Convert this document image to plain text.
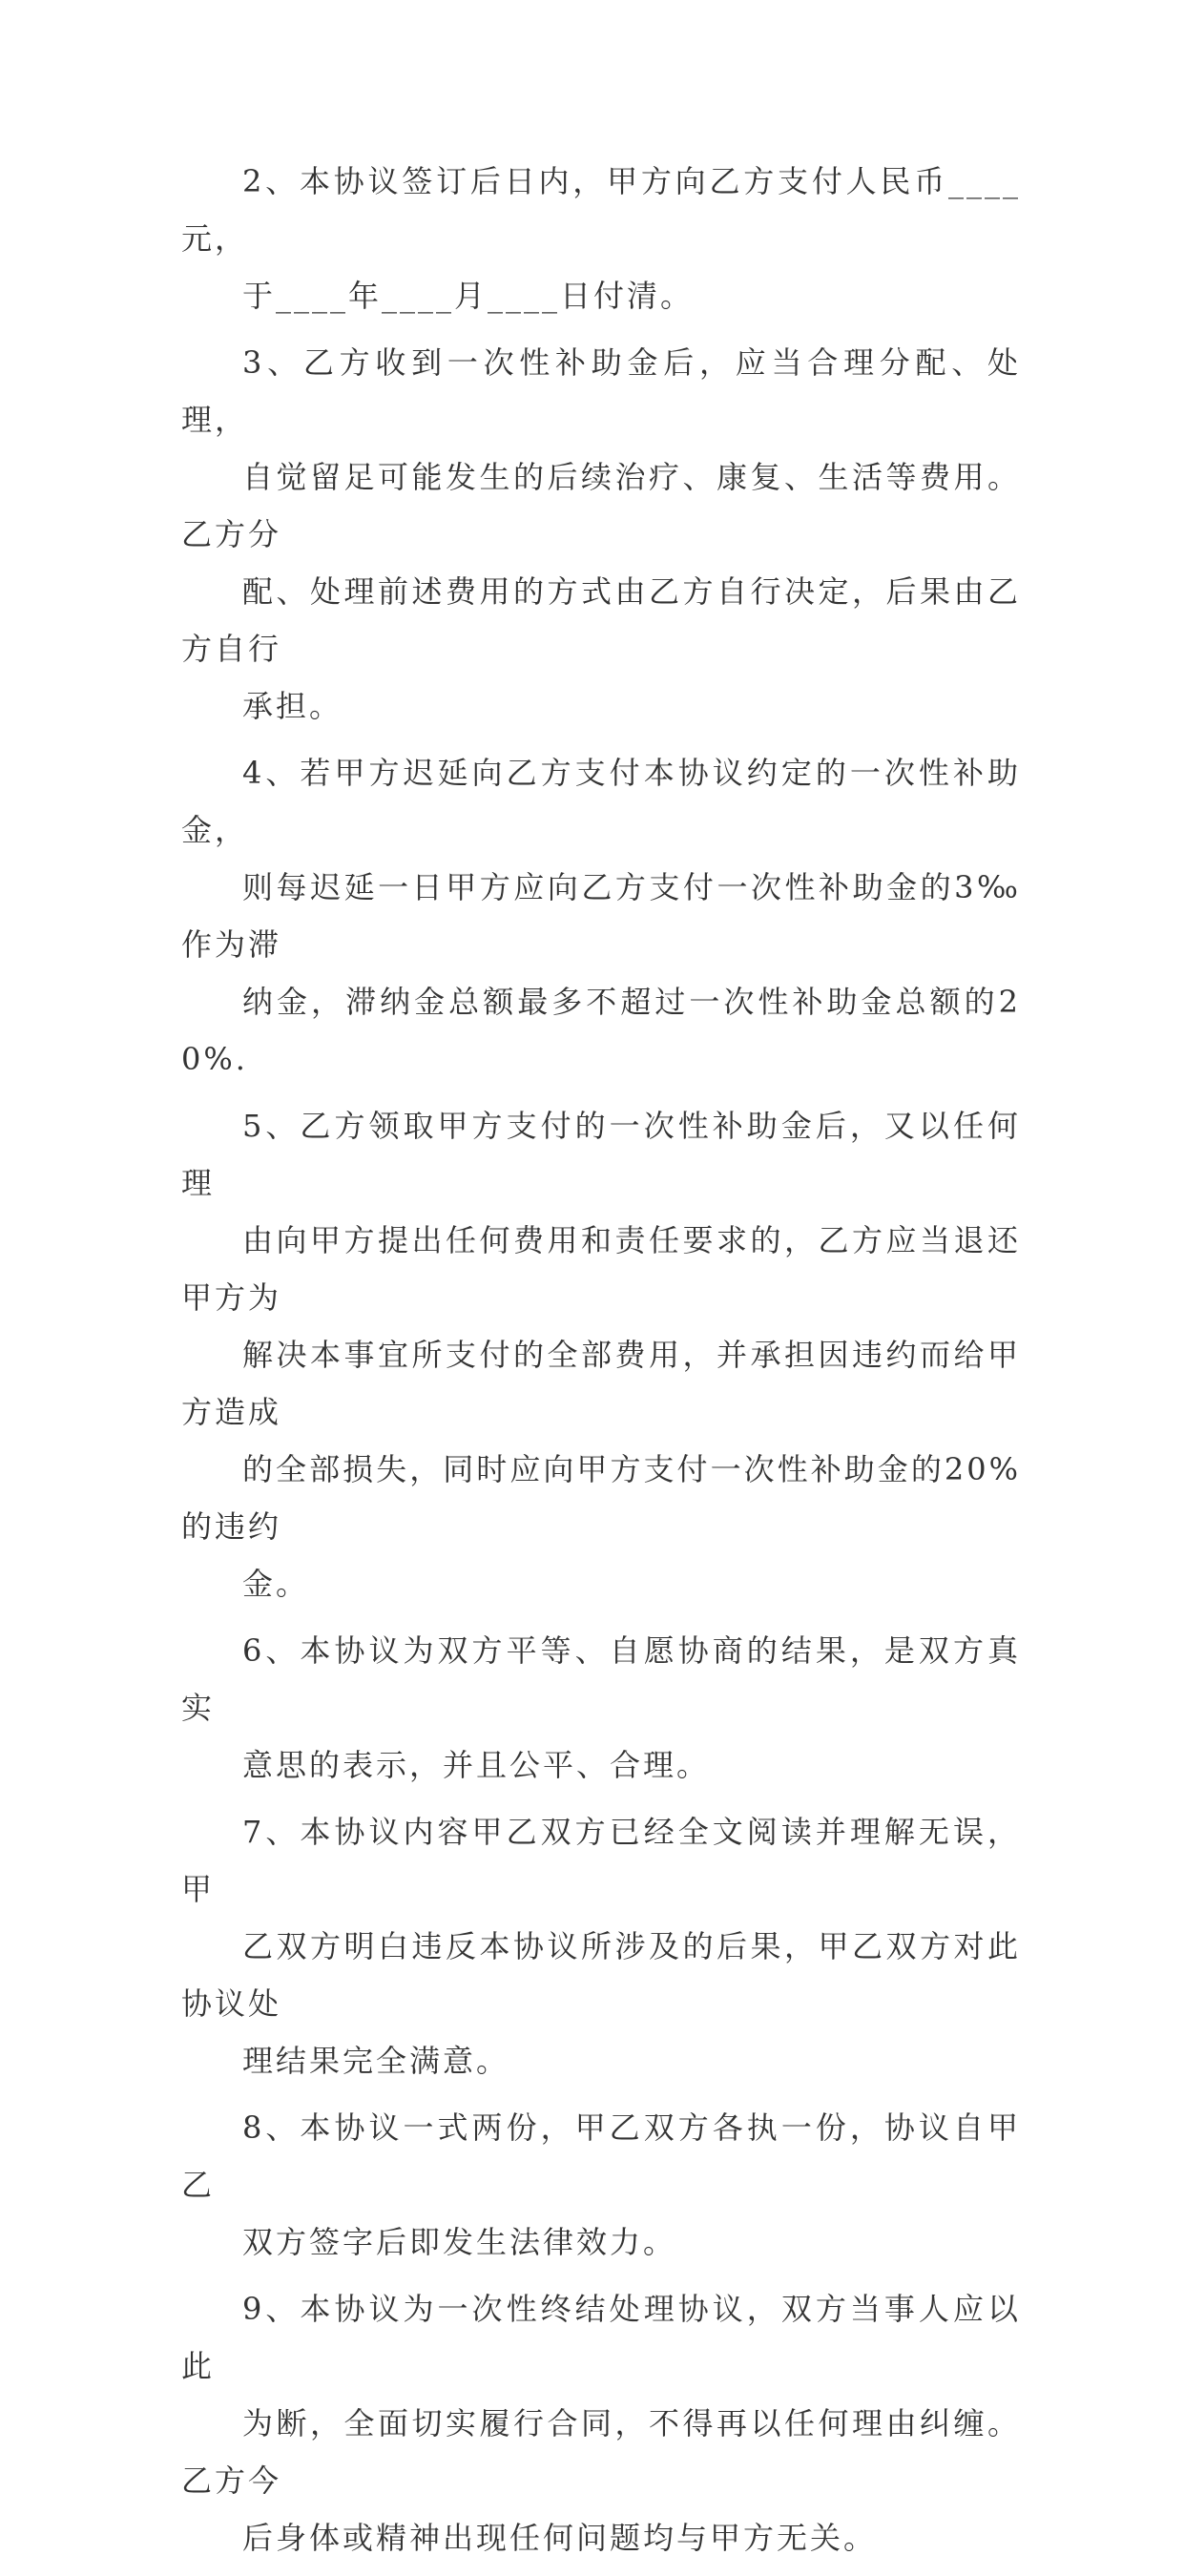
2、本协议签订后日内，甲方向乙方支付人民币____元，
于____年____月____日付清。

3、乙方收到一次性补助金后，应当合理分配、处理，
自觉留足可能发生的后续治疗、康复、生活等费用。乙方分
配、处理前述费用的方式由乙方自行决定，后果由乙方自行
承担。

4、若甲方迟延向乙方支付本协议约定的一次性补助金，
则每迟延一日甲方应向乙方支付一次性补助金的3‰作为滞
纳金，滞纳金总额最多不超过一次性补助金总额的20%.

5、乙方领取甲方支付的一次性补助金后，又以任何理
由向甲方提出任何费用和责任要求的，乙方应当退还甲方为
解决本事宜所支付的全部费用，并承担因违约而给甲方造成
的全部损失，同时应向甲方支付一次性补助金的20%的违约
金。

6、本协议为双方平等、自愿协商的结果，是双方真实
意思的表示，并且公平、合理。

7、本协议内容甲乙双方已经全文阅读并理解无误，甲
乙双方明白违反本协议所涉及的后果，甲乙双方对此协议处
理结果完全满意。

8、本协议一式两份，甲乙双方各执一份，协议自甲乙
双方签字后即发生法律效力。

9、本协议为一次性终结处理协议，双方当事人应以此
为断，全面切实履行合同，不得再以任何理由纠缠。乙方今
后身体或精神出现任何问题均与甲方无关。
